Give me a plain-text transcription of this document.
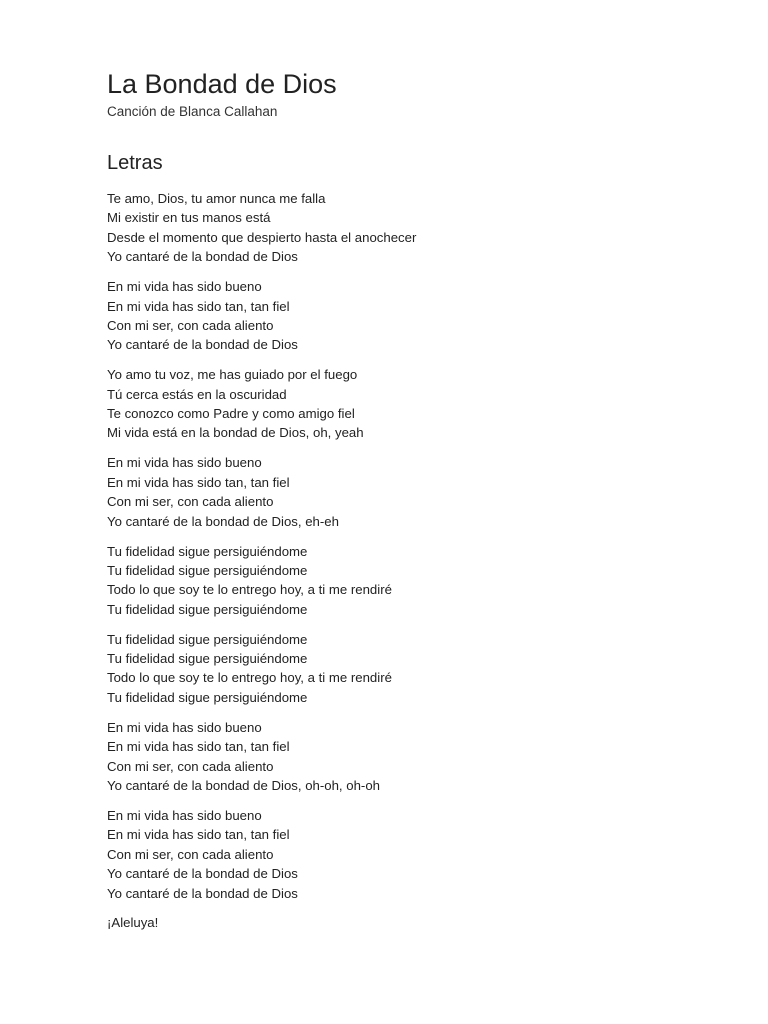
La Bondad de Dios
Canción de Blanca Callahan
Letras
Te amo, Dios, tu amor nunca me falla
Mi existir en tus manos está
Desde el momento que despierto hasta el anochecer
Yo cantaré de la bondad de Dios
En mi vida has sido bueno
En mi vida has sido tan, tan fiel
Con mi ser, con cada aliento
Yo cantaré de la bondad de Dios
Yo amo tu voz, me has guiado por el fuego
Tú cerca estás en la oscuridad
Te conozco como Padre y como amigo fiel
Mi vida está en la bondad de Dios, oh, yeah
En mi vida has sido bueno
En mi vida has sido tan, tan fiel
Con mi ser, con cada aliento
Yo cantaré de la bondad de Dios, eh-eh
Tu fidelidad sigue persiguiéndome
Tu fidelidad sigue persiguiéndome
Todo lo que soy te lo entrego hoy, a ti me rendiré
Tu fidelidad sigue persiguiéndome
Tu fidelidad sigue persiguiéndome
Tu fidelidad sigue persiguiéndome
Todo lo que soy te lo entrego hoy, a ti me rendiré
Tu fidelidad sigue persiguiéndome
En mi vida has sido bueno
En mi vida has sido tan, tan fiel
Con mi ser, con cada aliento
Yo cantaré de la bondad de Dios, oh-oh, oh-oh
En mi vida has sido bueno
En mi vida has sido tan, tan fiel
Con mi ser, con cada aliento
Yo cantaré de la bondad de Dios
Yo cantaré de la bondad de Dios
¡Aleluya!
